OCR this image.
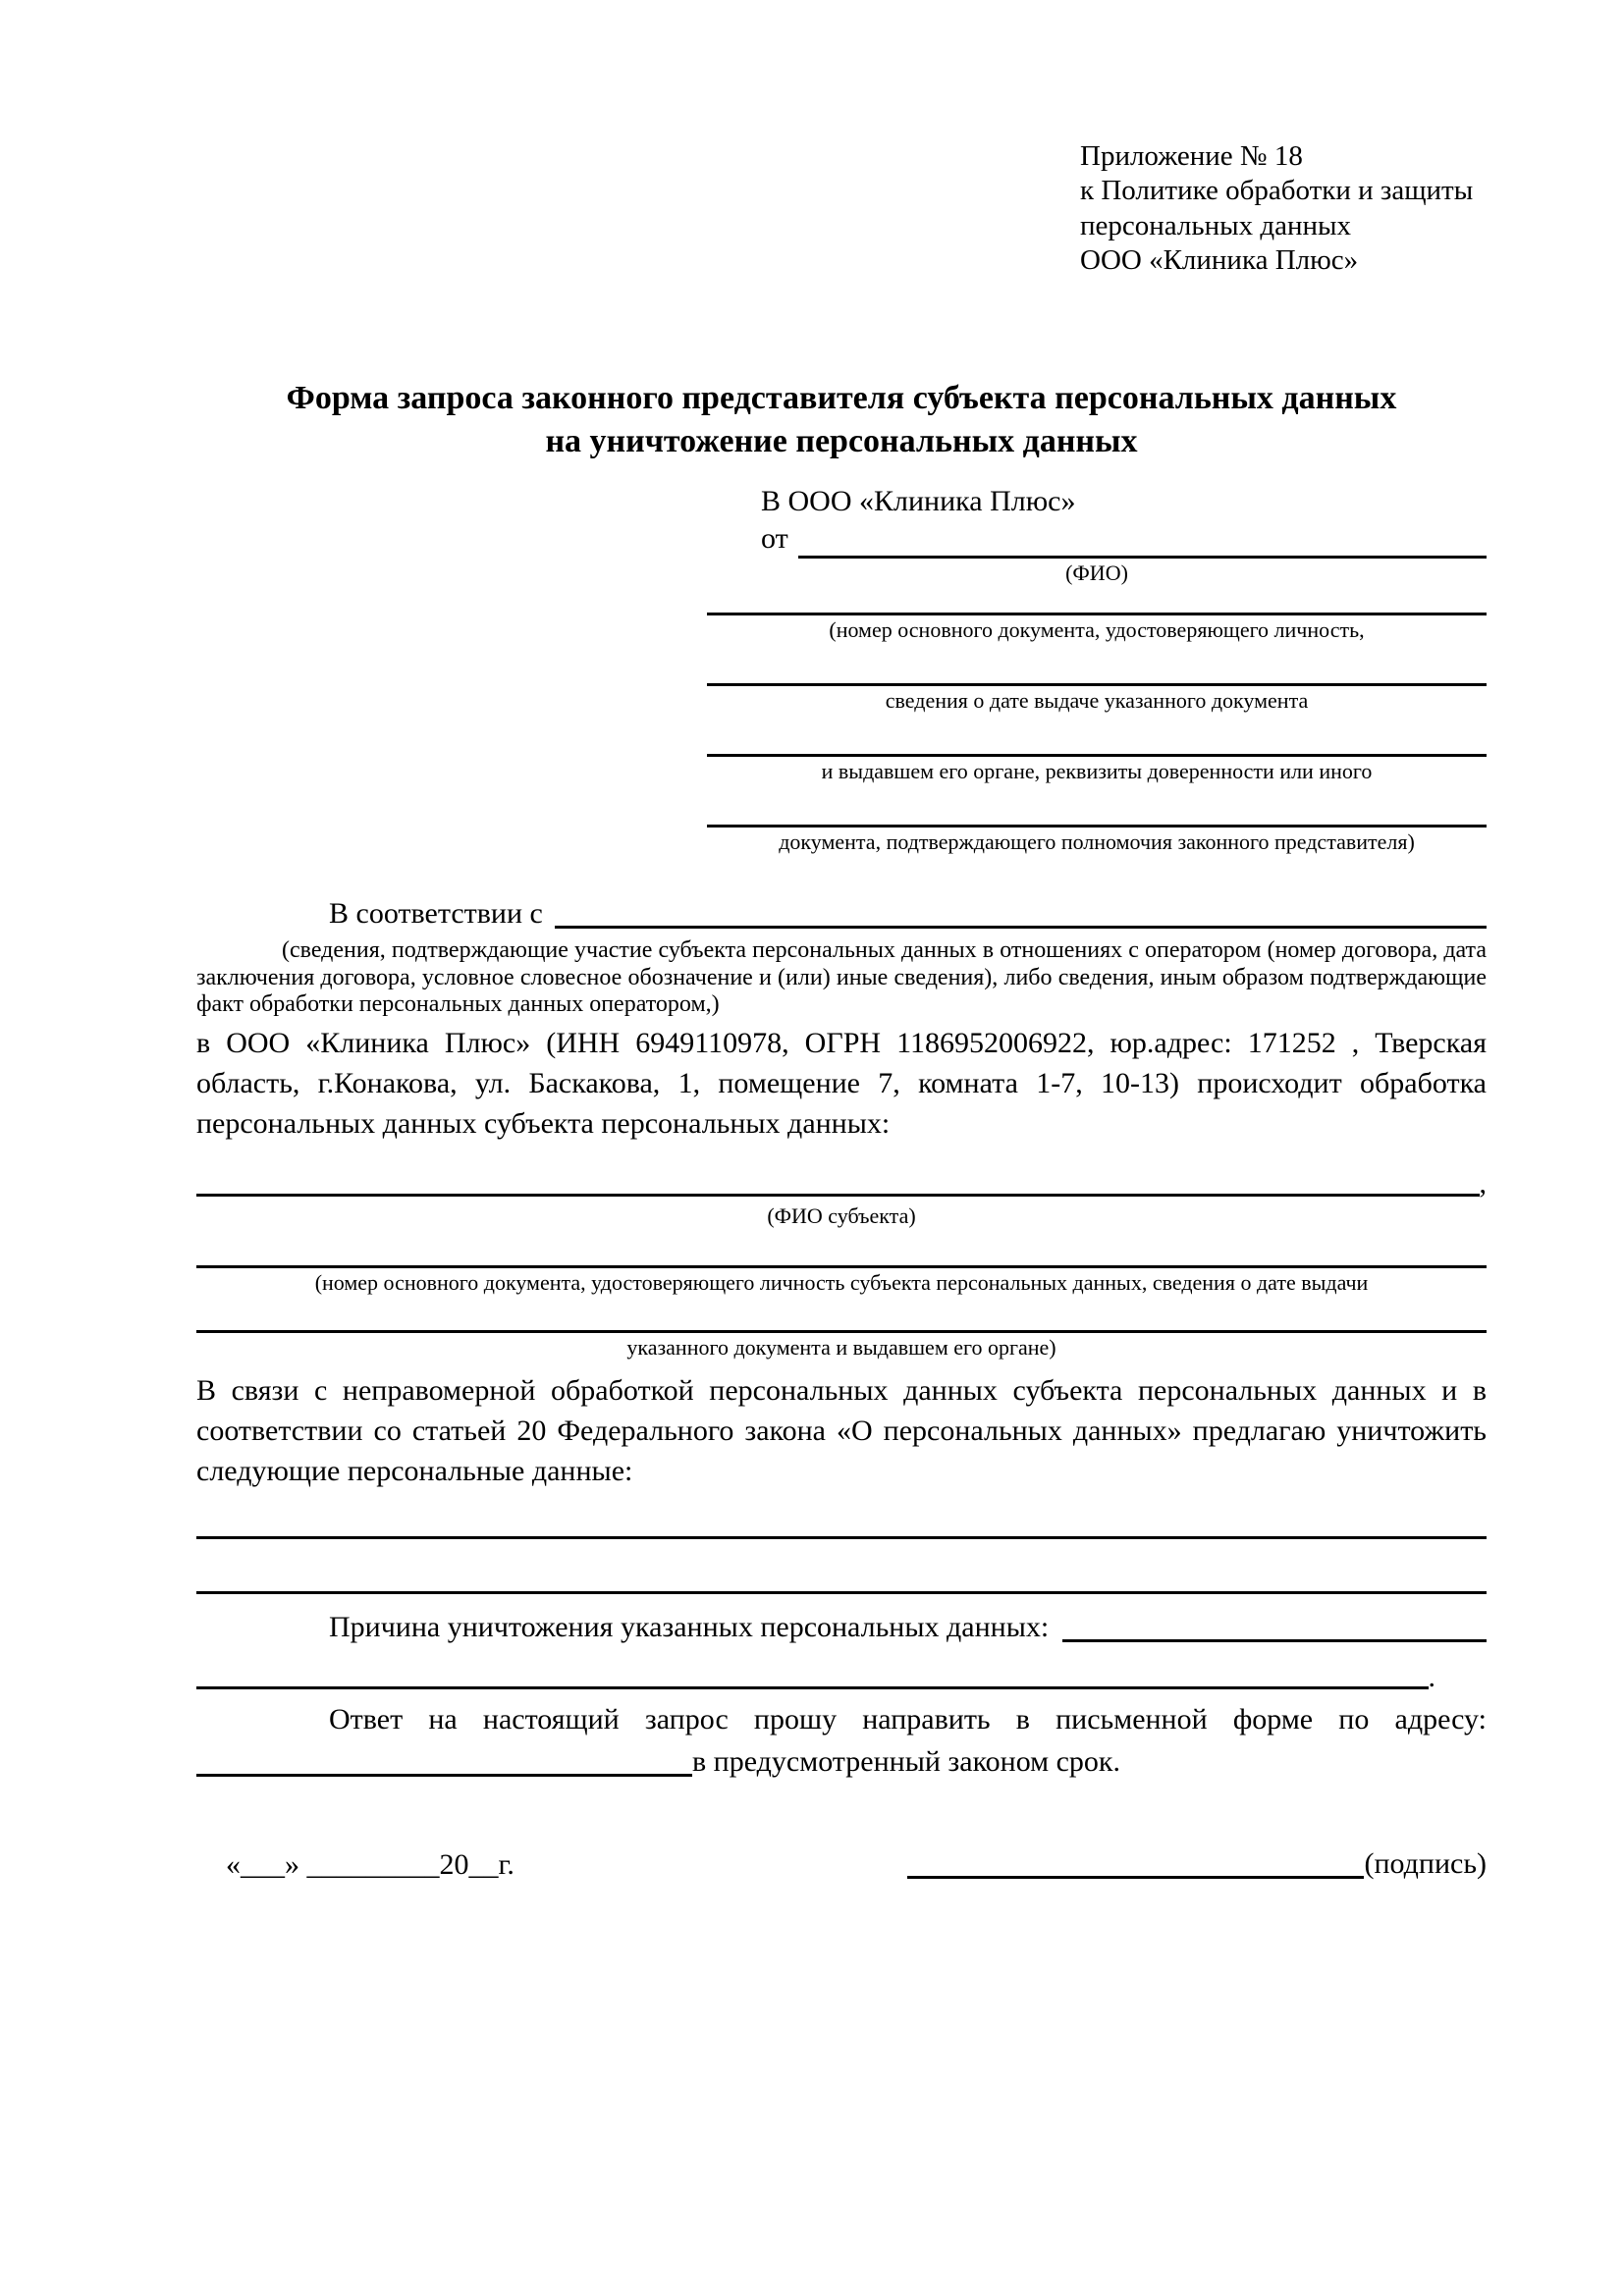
Приложение № 18
к Политике обработки и защиты
персональных данных
ООО «Клиника Плюс»
Форма запроса законного представителя субъекта персональных данных
на уничтожение персональных данных
В ООО «Клиника Плюс»
от
(ФИО)
(номер основного документа, удостоверяющего личность,
сведения о дате выдаче указанного документа
и выдавшем его органе, реквизиты доверенности или иного
документа, подтверждающего полномочия законного представителя)
В соответствии с
(сведения, подтверждающие участие субъекта персональных данных в отношениях с оператором (номер договора, дата заключения договора, условное словесное обозначение и (или) иные сведения), либо сведения, иным образом подтверждающие факт обработки персональных данных оператором,)
в ООО «Клиника Плюс» (ИНН 6949110978, ОГРН 1186952006922, юр.адрес: 171252 , Тверская область, г.Конакова, ул. Баскакова, 1, помещение 7, комната 1-7, 10-13) происходит обработка персональных данных субъекта персональных данных:
,
(ФИО субъекта)
(номер основного документа, удостоверяющего личность субъекта персональных данных, сведения о дате выдачи
указанного документа и выдавшем его органе)
В связи с неправомерной обработкой персональных данных субъекта персональных данных и в соответствии со статьей 20 Федерального закона «О персональных данных» предлагаю уничтожить следующие персональные данные:
Причина уничтожения указанных персональных данных:
.
Ответ на настоящий запрос прошу направить в письменной форме по адресу:
в предусмотренный законом срок.
«___» _________20__г.	(подпись)
